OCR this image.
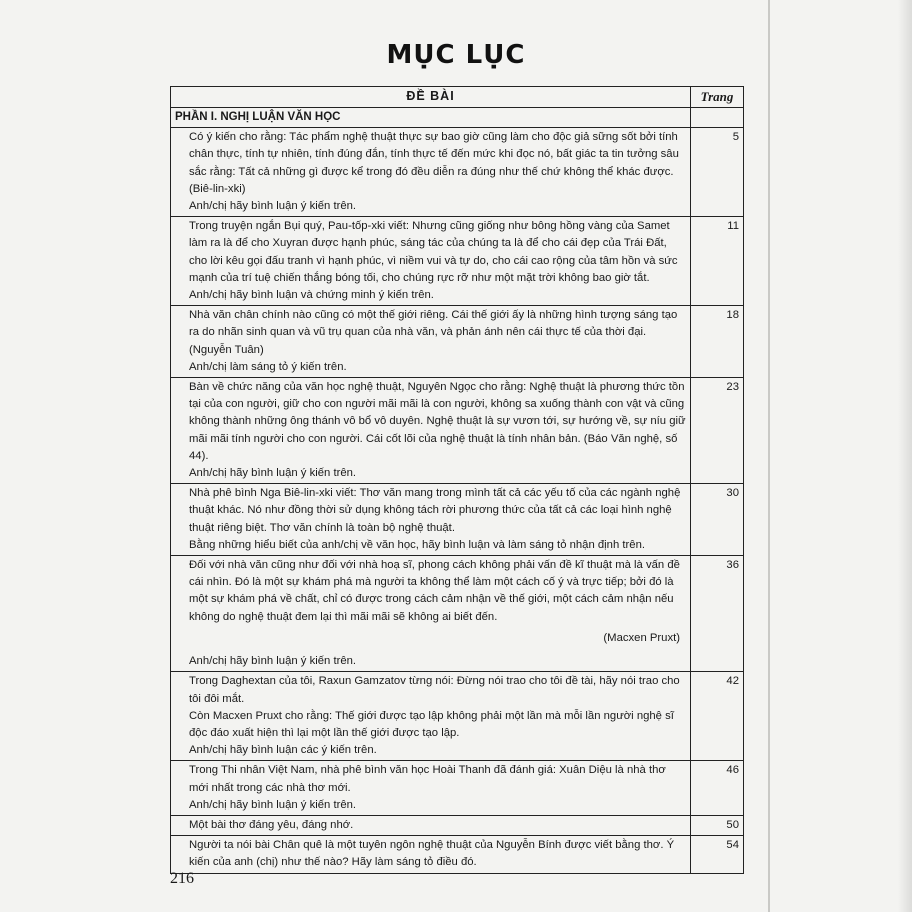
MỤC LỤC
ĐỀ BÀI	Trang
PHẦN I. NGHỊ LUẬN VĂN HỌC	

Có ý kiến cho rằng: Tác phẩm nghệ thuật thực sự bao giờ cũng làm cho độc giả sững sốt bởi tính chân thực, tính tự nhiên, tính đúng đắn, tính thực tế đến mức khi đọc nó, bất giác ta tin tưởng sâu sắc rằng: Tất cả những gì được kể trong đó đều diễn ra đúng như thế chứ không thể khác được. (Biê-lin-xki)
Anh/chị hãy bình luận ý kiến trên.	5

Trong truyện ngắn Bụi quý, Pau-tốp-xki viết: Nhưng cũng giống như bông hồng vàng của Samet làm ra là để cho Xuyran được hạnh phúc, sáng tác của chúng ta là để cho cái đẹp của Trái Đất, cho lời kêu gọi đấu tranh vì hạnh phúc, vì niềm vui và tự do, cho cái cao rộng của tâm hồn và sức mạnh của trí tuệ chiến thắng bóng tối, cho chúng rực rỡ như một mặt trời không bao giờ tắt.
Anh/chị hãy bình luận và chứng minh ý kiến trên.	11

Nhà văn chân chính nào cũng có một thế giới riêng. Cái thế giới ấy là những hình tượng sáng tạo ra do nhãn sinh quan và vũ trụ quan của nhà văn, và phản ánh nên cái thực tế của thời đại. (Nguyễn Tuân)
Anh/chị làm sáng tỏ ý kiến trên.	18

Bàn về chức năng của văn học nghệ thuật, Nguyên Ngọc cho rằng: Nghệ thuật là phương thức tồn tại của con người, giữ cho con người mãi mãi là con người, không sa xuống thành con vật và cũng không thành những ông thánh vô bổ vô duyên. Nghệ thuật là sự vươn tới, sự hướng về, sự níu giữ mãi mãi tính người cho con người. Cái cốt lõi của nghệ thuật là tính nhân bản. (Báo Văn nghệ, số 44).
Anh/chị hãy bình luận ý kiến trên.	23

Nhà phê bình Nga Biê-lin-xki viết: Thơ văn mang trong mình tất cả các yếu tố của các ngành nghệ thuật khác. Nó như đồng thời sử dụng không tách rời phương thức của tất cả các loại hình nghệ thuật riêng biệt. Thơ văn chính là toàn bộ nghệ thuật.
Bằng những hiểu biết của anh/chị về văn học, hãy bình luận và làm sáng tỏ nhận định trên.	30

Đối với nhà văn cũng như đối với nhà hoạ sĩ, phong cách không phải vấn đề kĩ thuật mà là vấn đề cái nhìn. Đó là một sự khám phá mà người ta không thể làm một cách cố ý và trực tiếp; bởi đó là một sự khám phá về chất, chỉ có được trong cách cảm nhận về thế giới, một cách cảm nhận nếu không do nghệ thuật đem lại thì mãi mãi sẽ không ai biết đến.
(Macxen Pruxt)
Anh/chị hãy bình luận ý kiến trên.	36

Trong Daghextan của tôi, Raxun Gamzatov từng nói: Đừng nói trao cho tôi đề tài, hãy nói trao cho tôi đôi mắt.
Còn Macxen Pruxt cho rằng: Thế giới được tạo lập không phải một lần mà mỗi lần người nghệ sĩ độc đáo xuất hiện thì lại một lần thế giới được tạo lập.
Anh/chị hãy bình luận các ý kiến trên.	42

Trong Thi nhân Việt Nam, nhà phê bình văn học Hoài Thanh đã đánh giá: Xuân Diệu là nhà thơ mới nhất trong các nhà thơ mới.
Anh/chị hãy bình luận ý kiến trên.	46

Một bài thơ đáng yêu, đáng nhớ.	50

Người ta nói bài Chân quê là một tuyên ngôn nghệ thuật của Nguyễn Bính được viết bằng thơ. Ý kiến của anh (chị) như thế nào? Hãy làm sáng tỏ điều đó.	54
216
